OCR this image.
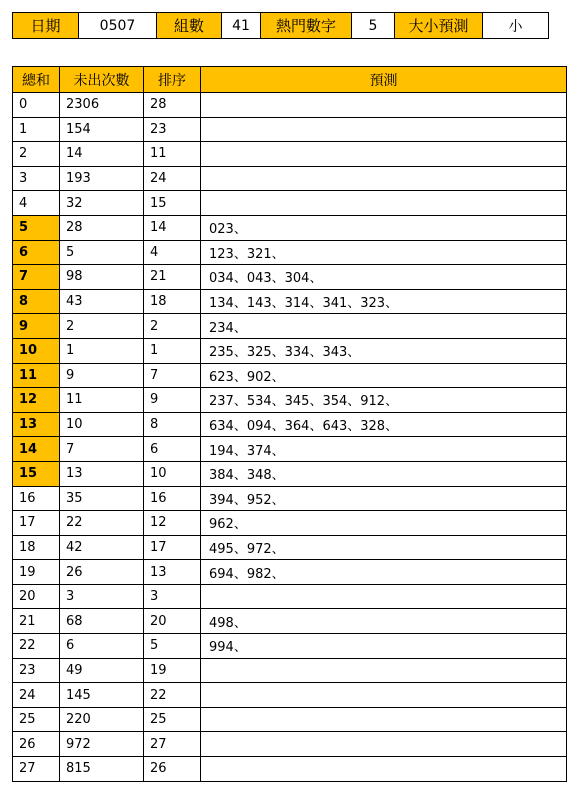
日期	0507	組數	41	熱門數字	5	大小預測	小
總和	未出次數	排序	預測
0	2306	28	
1	154	23	
2	14	11	
3	193	24	
4	32	15	
5	28	14	023、
6	5	4	123、321、
7	98	21	034、043、304、
8	43	18	134、143、314、341、323、
9	2	2	234、
10	1	1	235、325、334、343、
11	9	7	623、902、
12	11	9	237、534、345、354、912、
13	10	8	634、094、364、643、328、
14	7	6	194、374、
15	13	10	384、348、
16	35	16	394、952、
17	22	12	962、
18	42	17	495、972、
19	26	13	694、982、
20	3	3	
21	68	20	498、
22	6	5	994、
23	49	19	
24	145	22	
25	220	25	
26	972	27	
27	815	26	
